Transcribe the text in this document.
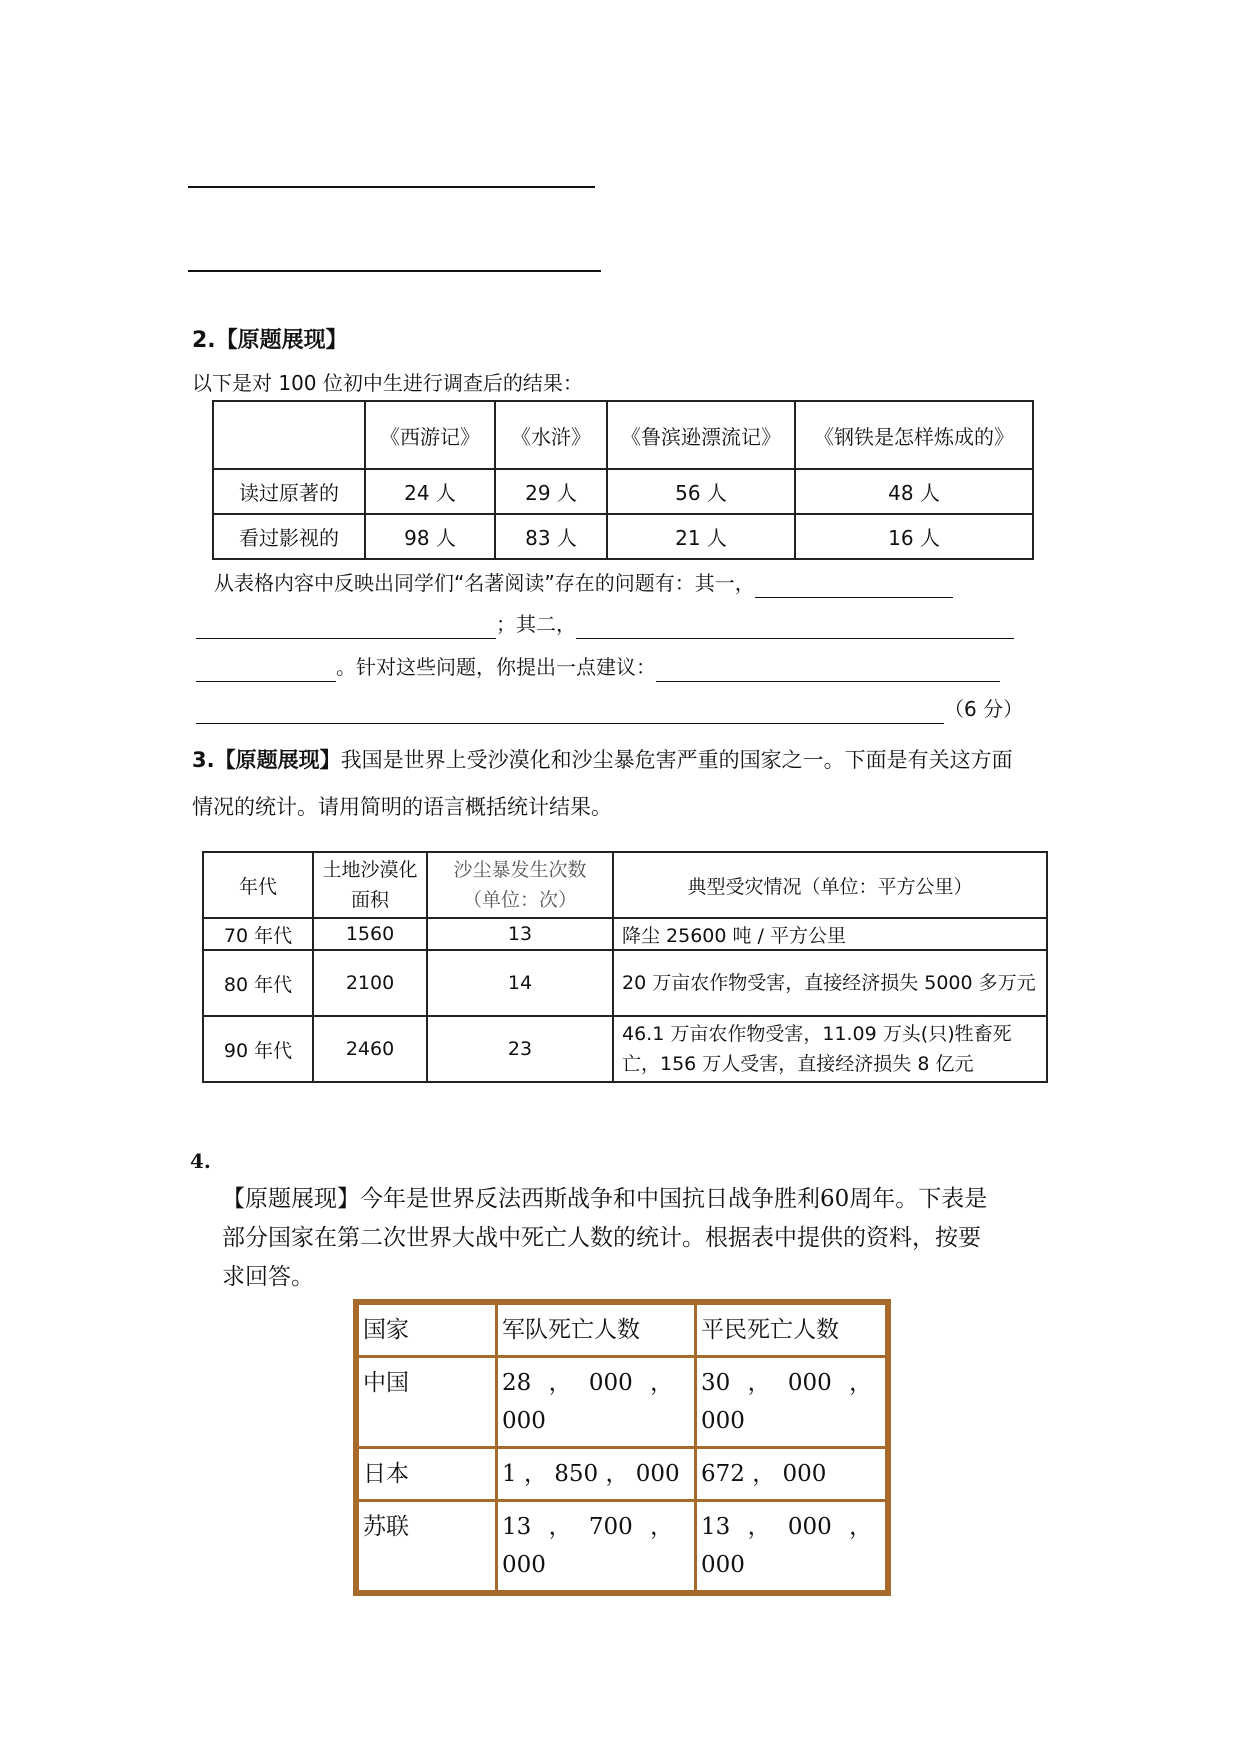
2.【原题展现】
以下是对 100 位初中生进行调查后的结果：
	《西游记》	《水浒》	《鲁滨逊漂流记》	《钢铁是怎样炼成的》
读过原著的	24 人	29 人	56 人	48 人
看过影视的	98 人	83 人	21 人	16 人
从表格内容中反映出同学们“名著阅读”存在的问题有：其一，
；其二，
。针对这些问题，你提出一点建议：
（6 分）
3.【原题展现】我国是世界上受沙漠化和沙尘暴危害严重的国家之一。下面是有关这方面
情况的统计。请用简明的语言概括统计结果。
年代	土地沙漠化面积	沙尘暴发生次数（单位：次）	典型受灾情况（单位：平方公里）
70 年代	1560	13	降尘 25600 吨 / 平方公里
80 年代	2100	14	20 万亩农作物受害，直接经济损失 5000 多万元
90 年代	2460	23	46.1 万亩农作物受害，11.09 万头(只)牲畜死亡，156 万人受害，直接经济损失 8 亿元
4.
【原题展现】今年是世界反法西斯战争和中国抗日战争胜利60周年。下表是
部分国家在第二次世界大战中死亡人数的统计。根据表中提供的资料，按要
求回答。
国家	军队死亡人数	平民死亡人数
中国	28 ， 000 ，000	30 ， 000 ，000
日本	1 ， 850 ， 000	672 ， 000
苏联	13 ， 700 ，000	13 ， 000 ，000
